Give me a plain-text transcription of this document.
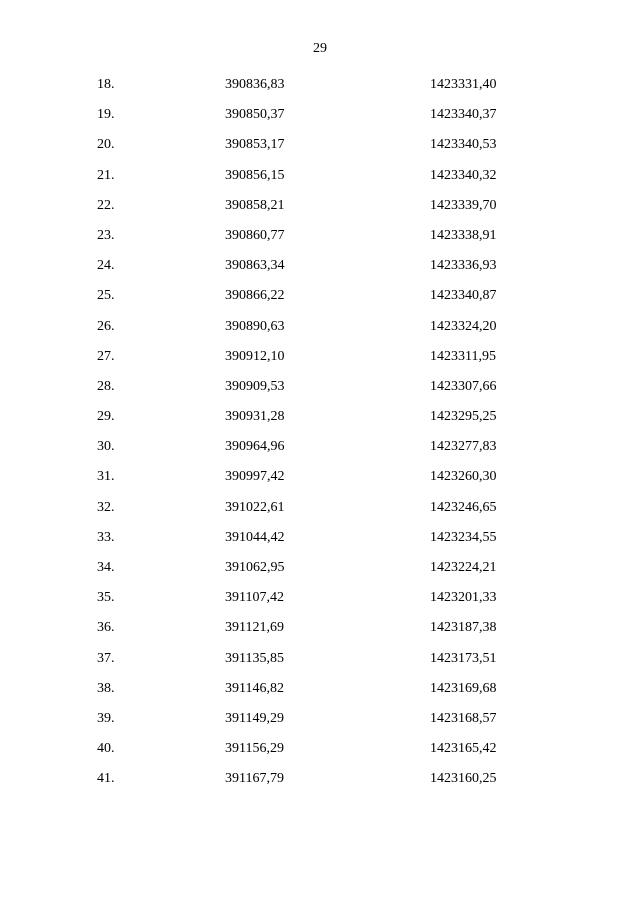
29
18.	390836,83	1423331,40
19.	390850,37	1423340,37
20.	390853,17	1423340,53
21.	390856,15	1423340,32
22.	390858,21	1423339,70
23.	390860,77	1423338,91
24.	390863,34	1423336,93
25.	390866,22	1423340,87
26.	390890,63	1423324,20
27.	390912,10	1423311,95
28.	390909,53	1423307,66
29.	390931,28	1423295,25
30.	390964,96	1423277,83
31.	390997,42	1423260,30
32.	391022,61	1423246,65
33.	391044,42	1423234,55
34.	391062,95	1423224,21
35.	391107,42	1423201,33
36.	391121,69	1423187,38
37.	391135,85	1423173,51
38.	391146,82	1423169,68
39.	391149,29	1423168,57
40.	391156,29	1423165,42
41.	391167,79	1423160,25
